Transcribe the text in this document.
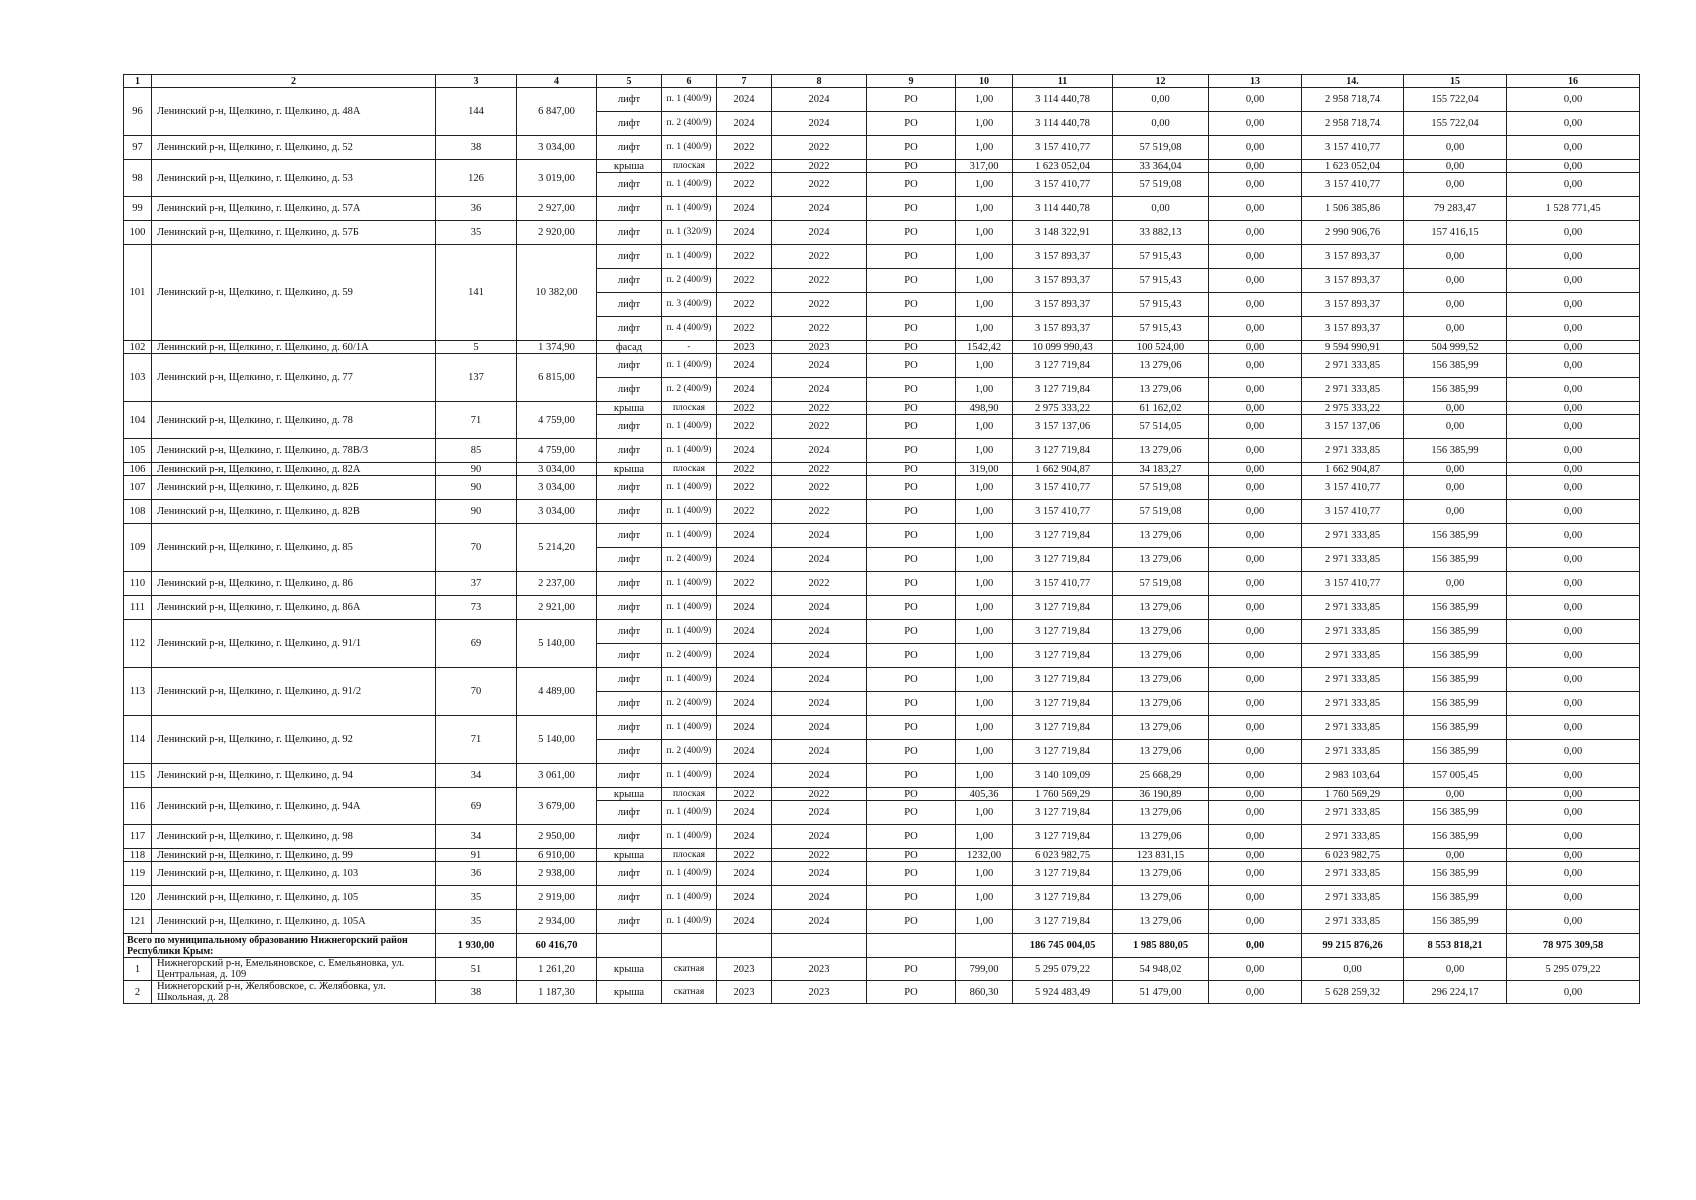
1	2	3	4	5	6	7	8	9	10	11	12	13	14.	15	16
96	Ленинский р-н, Щелкино, г. Щелкино, д. 48А	144	6 847,00	лифт	п. 1 (400/9)	2024	2024	РО	1,00	3 114 440,78	0,00	0,00	2 958 718,74	155 722,04	0,00
				лифт	п. 2 (400/9)	2024	2024	РО	1,00	3 114 440,78	0,00	0,00	2 958 718,74	155 722,04	0,00
97	Ленинский р-н, Щелкино, г. Щелкино, д. 52	38	3 034,00	лифт	п. 1 (400/9)	2022	2022	РО	1,00	3 157 410,77	57 519,08	0,00	3 157 410,77	0,00	0,00
98	Ленинский р-н, Щелкино, г. Щелкино, д. 53	126	3 019,00	крыша	плоская	2022	2022	РО	317,00	1 623 052,04	33 364,04	0,00	1 623 052,04	0,00	0,00
				лифт	п. 1 (400/9)	2022	2022	РО	1,00	3 157 410,77	57 519,08	0,00	3 157 410,77	0,00	0,00
99	Ленинский р-н, Щелкино, г. Щелкино, д. 57А	36	2 927,00	лифт	п. 1 (400/9)	2024	2024	РО	1,00	3 114 440,78	0,00	0,00	1 506 385,86	79 283,47	1 528 771,45
100	Ленинский р-н, Щелкино, г. Щелкино, д. 57Б	35	2 920,00	лифт	п. 1 (320/9)	2024	2024	РО	1,00	3 148 322,91	33 882,13	0,00	2 990 906,76	157 416,15	0,00
101	Ленинский р-н, Щелкино, г. Щелкино, д. 59	141	10 382,00	лифт	п. 1 (400/9)	2022	2022	РО	1,00	3 157 893,37	57 915,43	0,00	3 157 893,37	0,00	0,00
				лифт	п. 2 (400/9)	2022	2022	РО	1,00	3 157 893,37	57 915,43	0,00	3 157 893,37	0,00	0,00
				лифт	п. 3 (400/9)	2022	2022	РО	1,00	3 157 893,37	57 915,43	0,00	3 157 893,37	0,00	0,00
				лифт	п. 4 (400/9)	2022	2022	РО	1,00	3 157 893,37	57 915,43	0,00	3 157 893,37	0,00	0,00
102	Ленинский р-н, Щелкино, г. Щелкино, д. 60/1А	5	1 374,90	фасад	-	2023	2023	РО	1542,42	10 099 990,43	100 524,00	0,00	9 594 990,91	504 999,52	0,00
103	Ленинский р-н, Щелкино, г. Щелкино, д. 77	137	6 815,00	лифт	п. 1 (400/9)	2024	2024	РО	1,00	3 127 719,84	13 279,06	0,00	2 971 333,85	156 385,99	0,00
				лифт	п. 2 (400/9)	2024	2024	РО	1,00	3 127 719,84	13 279,06	0,00	2 971 333,85	156 385,99	0,00
104	Ленинский р-н, Щелкино, г. Щелкино, д. 78	71	4 759,00	крыша	плоская	2022	2022	РО	498,90	2 975 333,22	61 162,02	0,00	2 975 333,22	0,00	0,00
				лифт	п. 1 (400/9)	2022	2022	РО	1,00	3 157 137,06	57 514,05	0,00	3 157 137,06	0,00	0,00
105	Ленинский р-н, Щелкино, г. Щелкино, д. 78В/3	85	4 759,00	лифт	п. 1 (400/9)	2024	2024	РО	1,00	3 127 719,84	13 279,06	0,00	2 971 333,85	156 385,99	0,00
106	Ленинский р-н, Щелкино, г. Щелкино, д. 82А	90	3 034,00	крыша	плоская	2022	2022	РО	319,00	1 662 904,87	34 183,27	0,00	1 662 904,87	0,00	0,00
107	Ленинский р-н, Щелкино, г. Щелкино, д. 82Б	90	3 034,00	лифт	п. 1 (400/9)	2022	2022	РО	1,00	3 157 410,77	57 519,08	0,00	3 157 410,77	0,00	0,00
108	Ленинский р-н, Щелкино, г. Щелкино, д. 82В	90	3 034,00	лифт	п. 1 (400/9)	2022	2022	РО	1,00	3 157 410,77	57 519,08	0,00	3 157 410,77	0,00	0,00
109	Ленинский р-н, Щелкино, г. Щелкино, д. 85	70	5 214,20	лифт	п. 1 (400/9)	2024	2024	РО	1,00	3 127 719,84	13 279,06	0,00	2 971 333,85	156 385,99	0,00
				лифт	п. 2 (400/9)	2024	2024	РО	1,00	3 127 719,84	13 279,06	0,00	2 971 333,85	156 385,99	0,00
110	Ленинский р-н, Щелкино, г. Щелкино, д. 86	37	2 237,00	лифт	п. 1 (400/9)	2022	2022	РО	1,00	3 157 410,77	57 519,08	0,00	3 157 410,77	0,00	0,00
111	Ленинский р-н, Щелкино, г. Щелкино, д. 86А	73	2 921,00	лифт	п. 1 (400/9)	2024	2024	РО	1,00	3 127 719,84	13 279,06	0,00	2 971 333,85	156 385,99	0,00
112	Ленинский р-н, Щелкино, г. Щелкино, д. 91/1	69	5 140,00	лифт	п. 1 (400/9)	2024	2024	РО	1,00	3 127 719,84	13 279,06	0,00	2 971 333,85	156 385,99	0,00
				лифт	п. 2 (400/9)	2024	2024	РО	1,00	3 127 719,84	13 279,06	0,00	2 971 333,85	156 385,99	0,00
113	Ленинский р-н, Щелкино, г. Щелкино, д. 91/2	70	4 489,00	лифт	п. 1 (400/9)	2024	2024	РО	1,00	3 127 719,84	13 279,06	0,00	2 971 333,85	156 385,99	0,00
				лифт	п. 2 (400/9)	2024	2024	РО	1,00	3 127 719,84	13 279,06	0,00	2 971 333,85	156 385,99	0,00
114	Ленинский р-н, Щелкино, г. Щелкино, д. 92	71	5 140,00	лифт	п. 1 (400/9)	2024	2024	РО	1,00	3 127 719,84	13 279,06	0,00	2 971 333,85	156 385,99	0,00
				лифт	п. 2 (400/9)	2024	2024	РО	1,00	3 127 719,84	13 279,06	0,00	2 971 333,85	156 385,99	0,00
115	Ленинский р-н, Щелкино, г. Щелкино, д. 94	34	3 061,00	лифт	п. 1 (400/9)	2024	2024	РО	1,00	3 140 109,09	25 668,29	0,00	2 983 103,64	157 005,45	0,00
116	Ленинский р-н, Щелкино, г. Щелкино, д. 94А	69	3 679,00	крыша	плоская	2022	2022	РО	405,36	1 760 569,29	36 190,89	0,00	1 760 569,29	0,00	0,00
				лифт	п. 1 (400/9)	2024	2024	РО	1,00	3 127 719,84	13 279,06	0,00	2 971 333,85	156 385,99	0,00
117	Ленинский р-н, Щелкино, г. Щелкино, д. 98	34	2 950,00	лифт	п. 1 (400/9)	2024	2024	РО	1,00	3 127 719,84	13 279,06	0,00	2 971 333,85	156 385,99	0,00
118	Ленинский р-н, Щелкино, г. Щелкино, д. 99	91	6 910,00	крыша	плоская	2022	2022	РО	1232,00	6 023 982,75	123 831,15	0,00	6 023 982,75	0,00	0,00
119	Ленинский р-н, Щелкино, г. Щелкино, д. 103	36	2 938,00	лифт	п. 1 (400/9)	2024	2024	РО	1,00	3 127 719,84	13 279,06	0,00	2 971 333,85	156 385,99	0,00
120	Ленинский р-н, Щелкино, г. Щелкино, д. 105	35	2 919,00	лифт	п. 1 (400/9)	2024	2024	РО	1,00	3 127 719,84	13 279,06	0,00	2 971 333,85	156 385,99	0,00
121	Ленинский р-н, Щелкино, г. Щелкино, д. 105А	35	2 934,00	лифт	п. 1 (400/9)	2024	2024	РО	1,00	3 127 719,84	13 279,06	0,00	2 971 333,85	156 385,99	0,00
Всего по муниципальному образованию Нижнегорский район Республики Крым:		1 930,00	60 416,70							186 745 004,05	1 985 880,05	0,00	99 215 876,26	8 553 818,21	78 975 309,58
1	Нижнегорский р-н, Емельяновское, с. Емельяновка, ул. Центральная, д. 109	51	1 261,20	крыша	скатная	2023	2023	РО	799,00	5 295 079,22	54 948,02	0,00	0,00	0,00	5 295 079,22
2	Нижнегорский р-н, Желябовское, с. Желябовка, ул. Школьная, д. 28	38	1 187,30	крыша	скатная	2023	2023	РО	860,30	5 924 483,49	51 479,00	0,00	5 628 259,32	296 224,17	0,00
